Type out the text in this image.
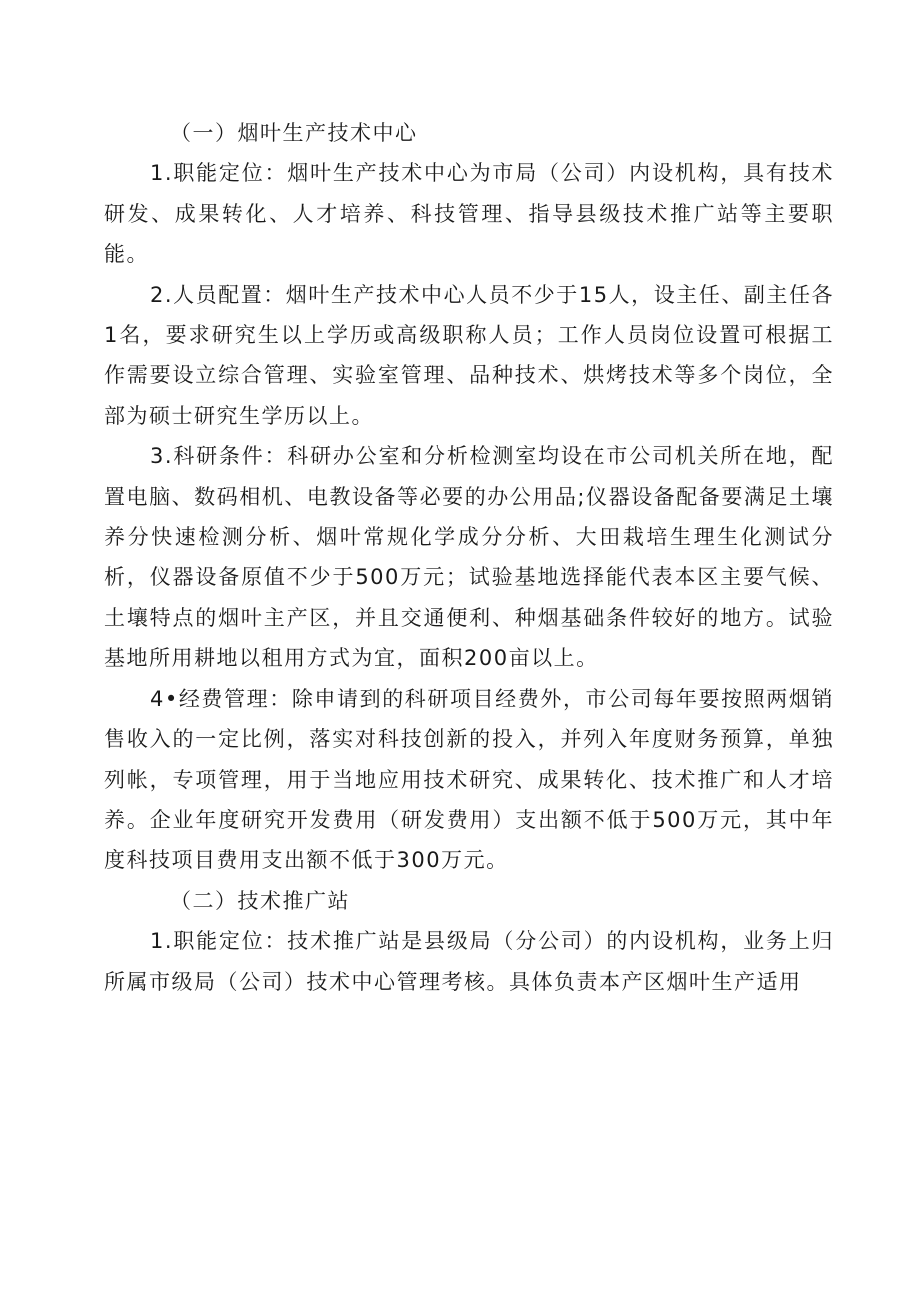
（一）烟叶生产技术中心

1.职能定位：烟叶生产技术中心为市局（公司）内设机构，具有技术研发、成果转化、人才培养、科技管理、指导县级技术推广站等主要职能。

2.人员配置：烟叶生产技术中心人员不少于15人，设主任、副主任各1名，要求研究生以上学历或高级职称人员；工作人员岗位设置可根据工作需要设立综合管理、实验室管理、品种技术、烘烤技术等多个岗位，全部为硕士研究生学历以上。

3.科研条件：科研办公室和分析检测室均设在市公司机关所在地，配置电脑、数码相机、电教设备等必要的办公用品;仪器设备配备要满足土壤养分快速检测分析、烟叶常规化学成分分析、大田栽培生理生化测试分析，仪器设备原值不少于500万元；试验基地选择能代表本区主要气候、土壤特点的烟叶主产区，并且交通便利、种烟基础条件较好的地方。试验基地所用耕地以租用方式为宜，面积200亩以上。

4•经费管理：除申请到的科研项目经费外，市公司每年要按照两烟销售收入的一定比例，落实对科技创新的投入，并列入年度财务预算，单独列帐，专项管理，用于当地应用技术研究、成果转化、技术推广和人才培养。企业年度研究开发费用（研发费用）支出额不低于500万元，其中年度科技项目费用支出额不低于300万元。

（二）技术推广站

1.职能定位：技术推广站是县级局（分公司）的内设机构，业务上归所属市级局（公司）技术中心管理考核。具体负责本产区烟叶生产适用
